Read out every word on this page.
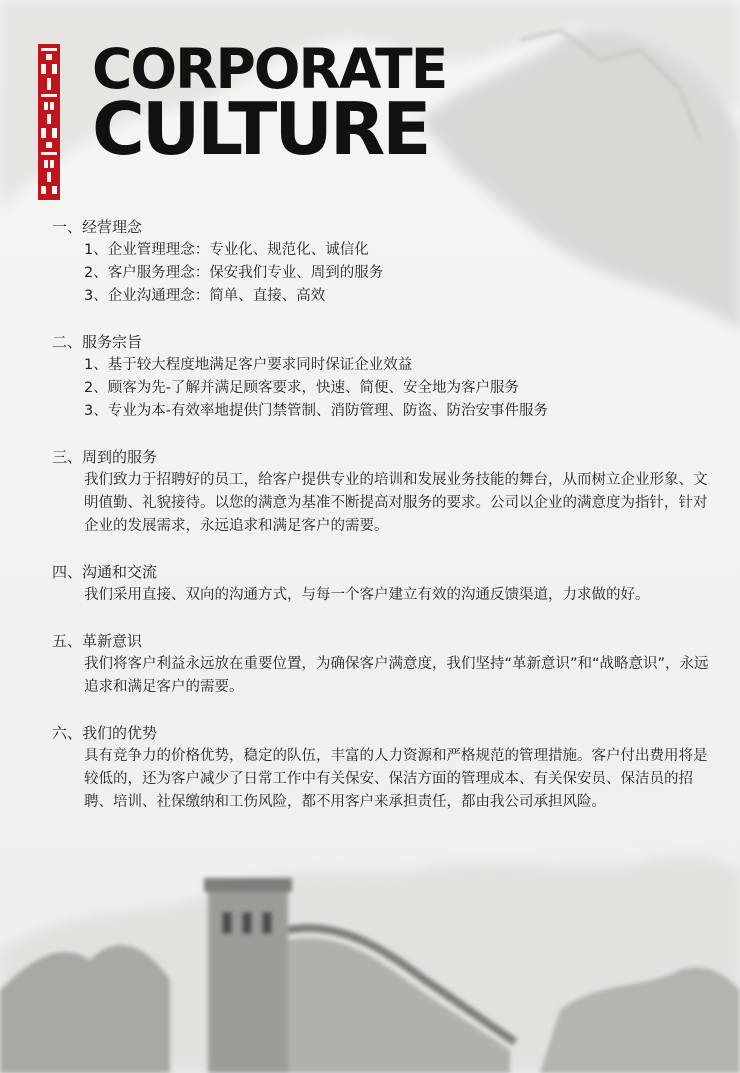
CORPORATE
CULTURE
一、经营理念
1、企业管理理念：专业化、规范化、诚信化
2、客户服务理念：保安我们专业、周到的服务
3、企业沟通理念：简单、直接、高效
二、服务宗旨
1、基于较大程度地满足客户要求同时保证企业效益
2、顾客为先-了解并满足顾客要求，快速、简便、安全地为客户服务
3、专业为本-有效率地提供门禁管制、消防管理、防盗、防治安事件服务
三、周到的服务
我们致力于招聘好的员工，给客户提供专业的培训和发展业务技能的舞台，从而树立企业形象、文明值勤、礼貌接待。以您的满意为基准不断提高对服务的要求。公司以企业的满意度为指针，针对企业的发展需求，永远追求和满足客户的需要。
四、沟通和交流
我们采用直接、双向的沟通方式，与每一个客户建立有效的沟通反馈渠道，力求做的好。
五、革新意识
我们将客户利益永远放在重要位置，为确保客户满意度，我们坚持“革新意识”和“战略意识”，永远追求和满足客户的需要。
六、我们的优势
具有竞争力的价格优势，稳定的队伍，丰富的人力资源和严格规范的管理措施。客户付出费用将是较低的，还为客户减少了日常工作中有关保安、保洁方面的管理成本、有关保安员、保洁员的招聘、培训、社保缴纳和工伤风险，都不用客户来承担责任，都由我公司承担风险。
